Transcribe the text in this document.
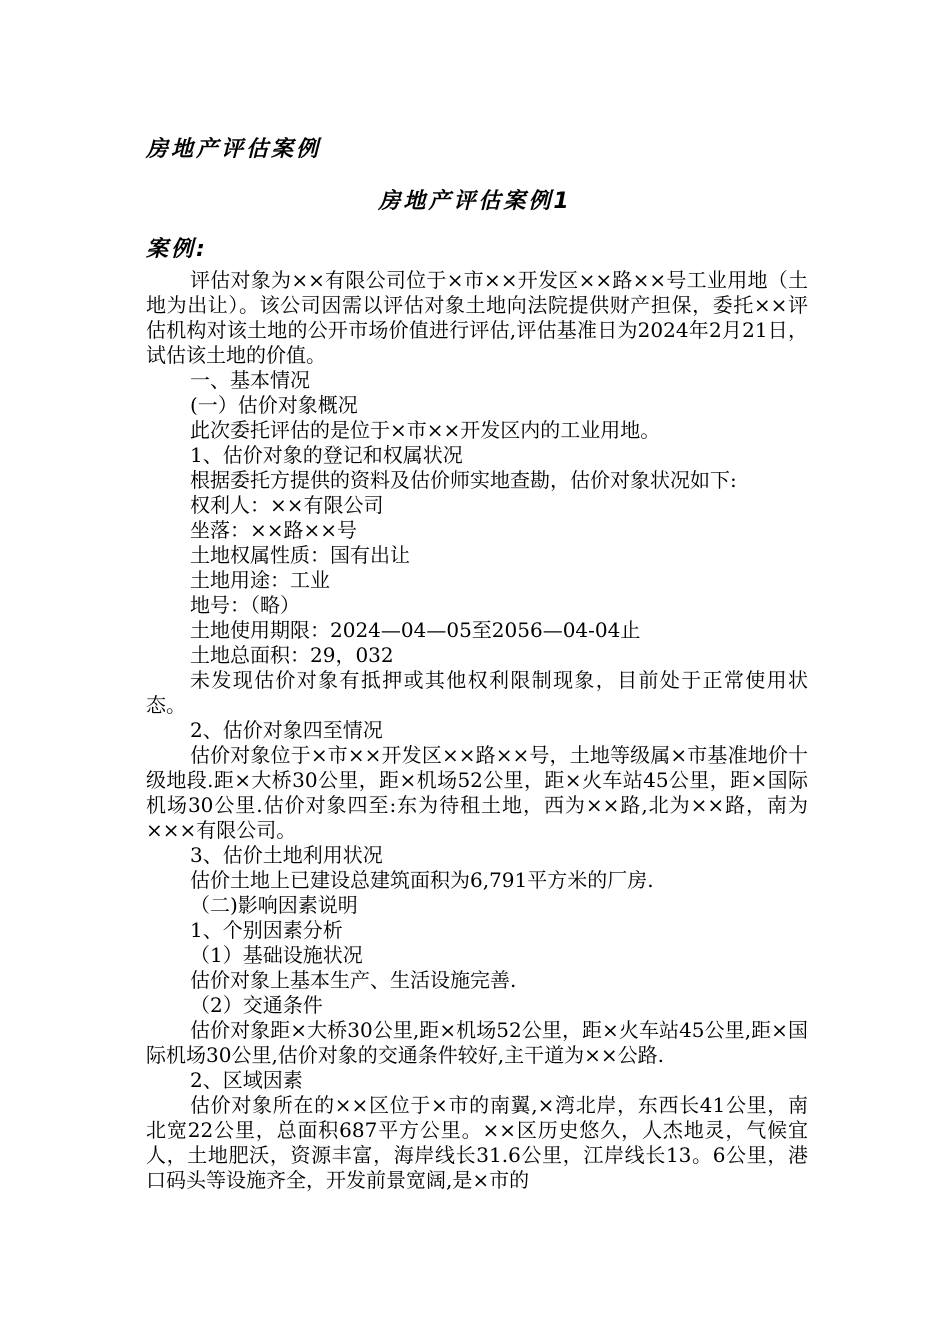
房地产评估案例
房地产评估案例1
案例:

评估对象为××有限公司位于×市××开发区××路××号工业用地（土地为出让）。该公司因需以评估对象土地向法院提供财产担保，委托××评估机构对该土地的公开市场价值进行评估,评估基准日为2024年2月21日，试估该土地的价值。

一、基本情况

(一）估价对象概况

此次委托评估的是位于×市××开发区内的工业用地。

1、估价对象的登记和权属状况

根据委托方提供的资料及估价师实地查勘，估价对象状况如下:

权利人：××有限公司

坐落：××路××号

土地权属性质：国有出让

土地用途：工业

地号：（略）

土地使用期限：2024—04—05至2056—04-04止

土地总面积：29，032

未发现估价对象有抵押或其他权利限制现象，目前处于正常使用状态。

2、估价对象四至情况

估价对象位于×市××开发区××路××号，土地等级属×市基准地价十级地段.距×大桥30公里，距×机场52公里，距×火车站45公里，距×国际机场30公里.估价对象四至:东为待租土地，西为××路,北为××路，南为×××有限公司。

3、估价土地利用状况

估价土地上已建设总建筑面积为6,791平方米的厂房.

（二)影响因素说明

1、个别因素分析

（1）基础设施状况

估价对象上基本生产、生活设施完善.

（2）交通条件

估价对象距×大桥30公里,距×机场52公里，距×火车站45公里,距×国际机场30公里,估价对象的交通条件较好,主干道为××公路.

2、区域因素

估价对象所在的××区位于×市的南翼,×湾北岸，东西长41公里，南北宽22公里，总面积687平方公里。××区历史悠久，人杰地灵，气候宜人，土地肥沃，资源丰富，海岸线长31.6公里，江岸线长13。6公里，港口码头等设施齐全，开发前景宽阔,是×市的
